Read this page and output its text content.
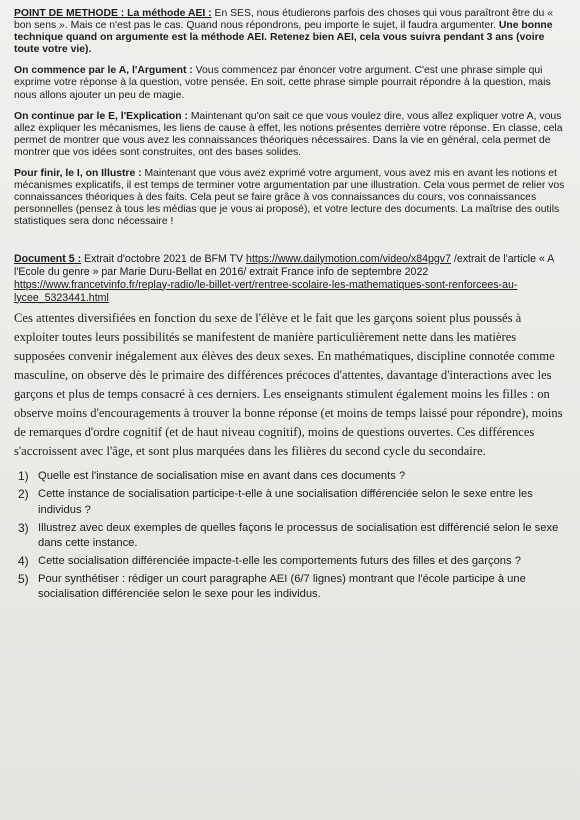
POINT DE METHODE : La méthode AEI : En SES, nous étudierons parfois des choses qui vous paraîtront être du « bon sens ». Mais ce n'est pas le cas. Quand nous répondrons, peu importe le sujet, il faudra argumenter. Une bonne technique quand on argumente est la méthode AEI. Retenez bien AEI, cela vous suivra pendant 3 ans (voire toute votre vie).

On commence par le A, l'Argument : Vous commencez par énoncer votre argument. C'est une phrase simple qui exprime votre réponse à la question, votre pensée. En soit, cette phrase simple pourrait répondre à la question, mais nous allons ajouter un peu de magie.

On continue par le E, l'Explication : Maintenant qu'on sait ce que vous voulez dire, vous allez expliquer votre A, vous allez expliquer les mécanismes, les liens de cause à effet, les notions présentes derrière votre réponse. En classe, cela permet de montrer que vous avez les connaissances théoriques nécessaires. Dans la vie en général, cela permet de montrer que vos idées sont construites, ont des bases solides.

Pour finir, le I, on Illustre : Maintenant que vous avez exprimé votre argument, vous avez mis en avant les notions et mécanismes explicatifs, il est temps de terminer votre argumentation par une illustration. Cela vous permet de relier vos connaissances théoriques à des faits. Cela peut se faire grâce à vos connaissances du cours, vos connaissances personnelles (pensez à tous les médias que je vous ai proposé), et votre lecture des documents. La maîtrise des outils statistiques sera donc nécessaire !

Document 5 : Extrait d'octobre 2021 de BFM TV https://www.dailymotion.com/video/x84pgv7 /extrait de l'article « A l'Ecole du genre » par Marie Duru-Bellat en 2016/ extrait France info de septembre 2022 https://www.francetvinfo.fr/replay-radio/le-billet-vert/rentree-scolaire-les-mathematiques-sont-renforcees-au-lycee_5323441.html

Ces attentes diversifiées en fonction du sexe de l'élève et le fait que les garçons soient plus poussés à exploiter toutes leurs possibilités se manifestent de manière particulièrement nette dans les matières supposées convenir inégalement aux élèves des deux sexes. En mathématiques, discipline connotée comme masculine, on observe dès le primaire des différences précoces d'attentes, davantage d'interactions avec les garçons et plus de temps consacré à ces derniers. Les enseignants stimulent également moins les filles : on observe moins d'encouragements à trouver la bonne réponse (et moins de temps laissé pour répondre), moins de remarques d'ordre cognitif (et de haut niveau cognitif), moins de questions ouvertes. Ces différences s'accroissent avec l'âge, et sont plus marquées dans les filières du second cycle du secondaire.

1) Quelle est l'instance de socialisation mise en avant dans ces documents ?
2) Cette instance de socialisation participe-t-elle à une socialisation différenciée selon le sexe entre les individus ?
3) Illustrez avec deux exemples de quelles façons le processus de socialisation est différencié selon le sexe dans cette instance.
4) Cette socialisation différenciée impacte-t-elle les comportements futurs des filles et des garçons ?
5) Pour synthétiser : rédiger un court paragraphe AEI (6/7 lignes) montrant que l'école participe à une socialisation différenciée selon le sexe pour les individus.
